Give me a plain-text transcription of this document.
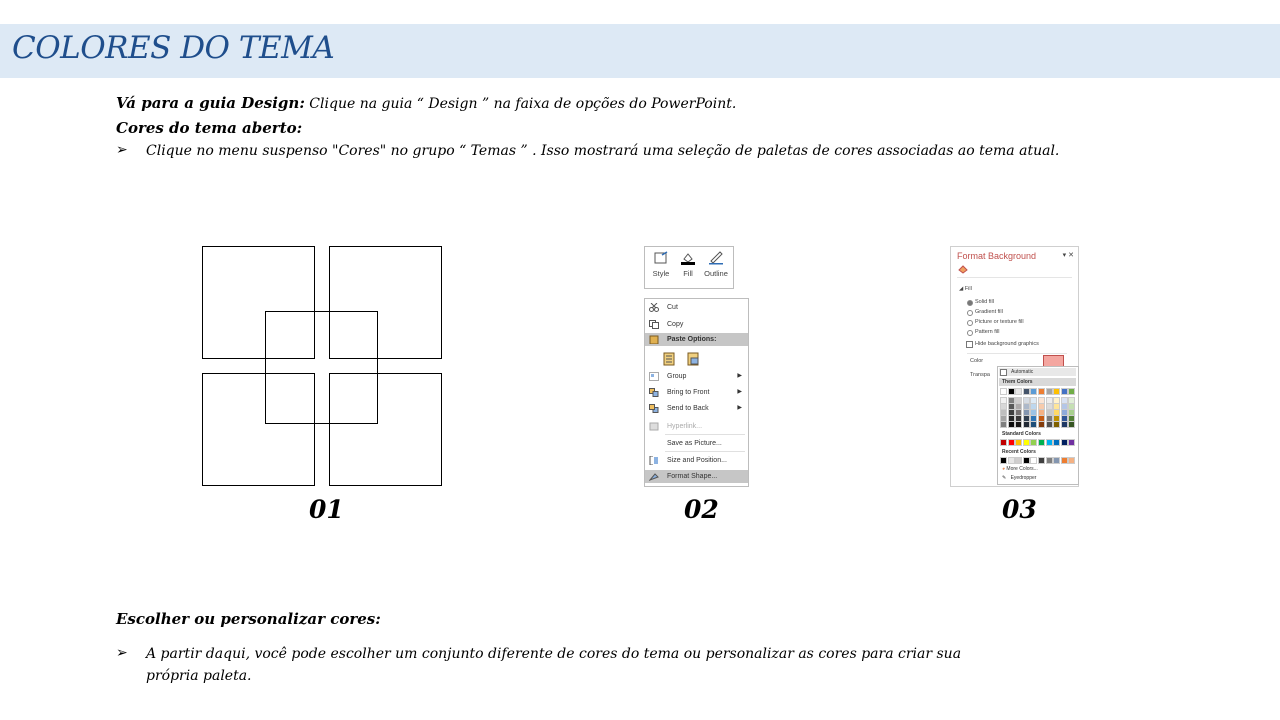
COLORES DO TEMA
Vá para a guia Design: Clique na guia “ Design ” na faixa de opções do PowerPoint.
Cores do tema aberto:
➢ Clique no menu suspenso "Cores" no grupo “ Temas ” . Isso mostrará uma seleção de paletas de cores associadas ao tema atual.
01
Style	Fill	Outline
Cut
Copy
Paste Options:
Group	▶
Bring to Front	▶
Send to Back	▶
Hyperlink...
Save as Picture...
Size and Position...
Format Shape...
02
Format Background	▾ ✕
◢ Fill
Solid fill
Gradient fill
Picture or texture fill
Pattern fill
Hide background graphics
Color
Transpa	Automatic
Them Colors
Standard Colors
Recent Colors
◕ More Colors...
✎ Eyedropper
03
Escolher ou personalizar cores:
➢ A partir daqui, você pode escolher um conjunto diferente de cores do tema ou personalizar as cores para criar sua
própria paleta.
